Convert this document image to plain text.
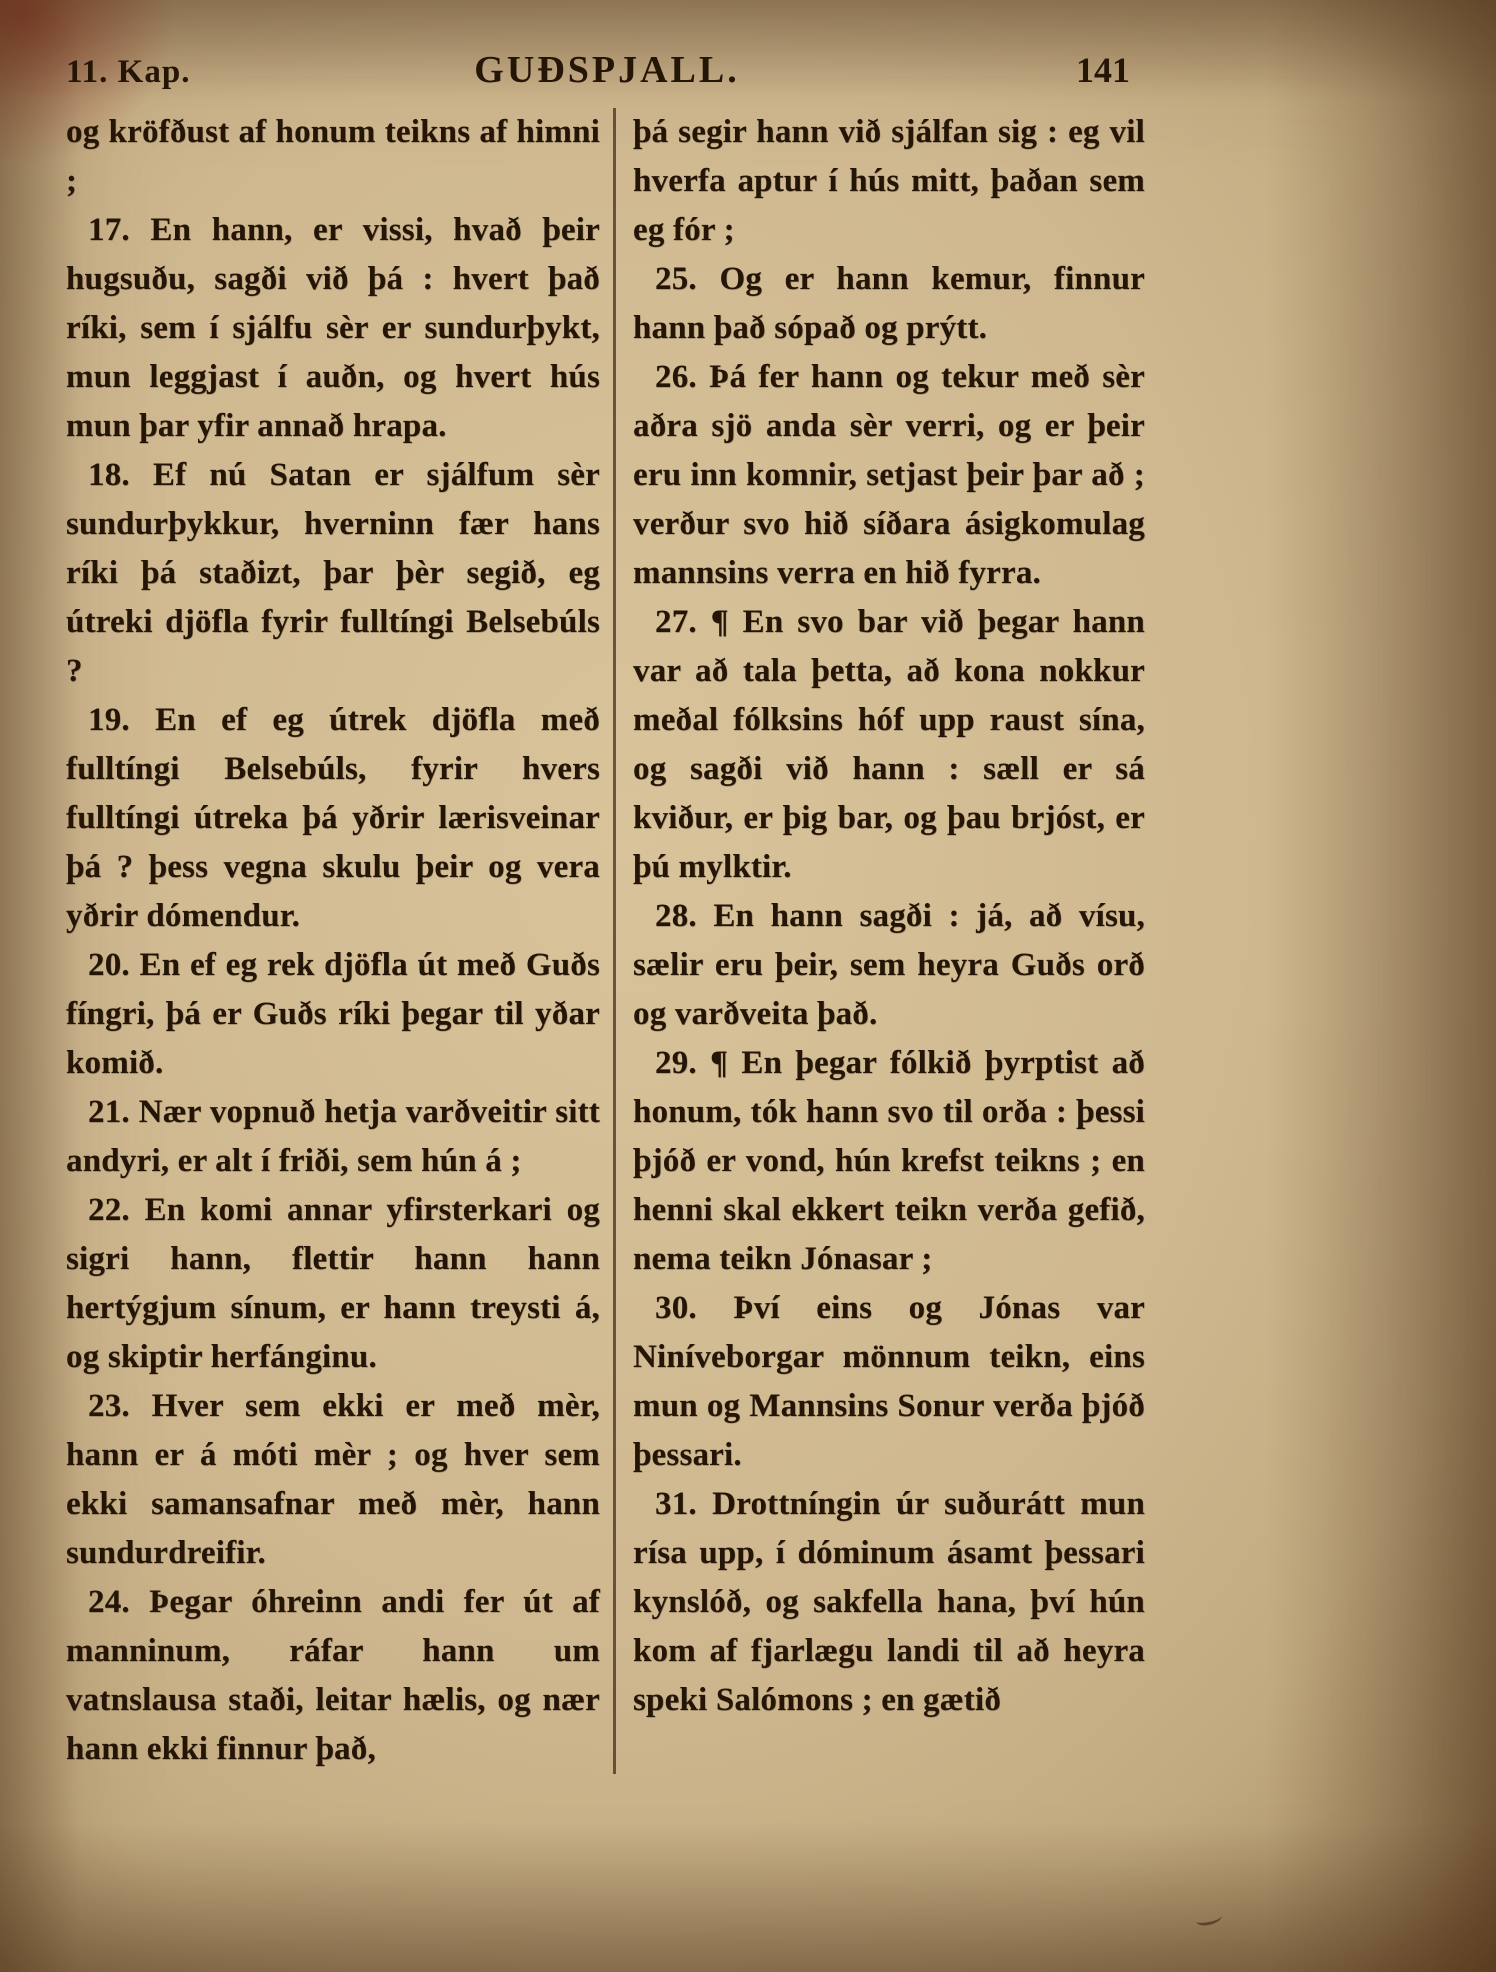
11. Kap.	GUÐSPJALL.	141

og kröfðust af honum teikns af himni ;

17. En hann, er vissi, hvað þeir hugsuðu, sagði við þá : hvert það ríki, sem í sjálfu sèr er sundurþykt, mun leggjast í auðn, og hvert hús mun þar yfir annað hrapa.

18. Ef nú Satan er sjálfum sèr sundurþykkur, hverninn fær hans ríki þá staðizt, þar þèr segið, eg útreki djöfla fyrir fulltíngi Belsebúls ?

19. En ef eg útrek djöfla með fulltíngi Belsebúls, fyrir hvers fulltíngi útreka þá yðrir lærisveinar þá ? þess vegna skulu þeir og vera yðrir dómendur.

20. En ef eg rek djöfla út með Guðs fíngri, þá er Guðs ríki þegar til yðar komið.

21. Nær vopnuð hetja varðveitir sitt andyri, er alt í friði, sem hún á ;

22. En komi annar yfirsterkari og sigri hann, flettir hann hann hertýgjum sínum, er hann treysti á, og skiptir herfánginu.

23. Hver sem ekki er með mèr, hann er á móti mèr ; og hver sem ekki samansafnar með mèr, hann sundurdreifir.

24. Þegar óhreinn andi fer út af manninum, ráfar hann um vatnslausa staði, leitar hælis, og nær hann ekki finnur það,

þá segir hann við sjálfan sig : eg vil hverfa aptur í hús mitt, þaðan sem eg fór ;

25. Og er hann kemur, finnur hann það sópað og prýtt.

26. Þá fer hann og tekur með sèr aðra sjö anda sèr verri, og er þeir eru inn komnir, setjast þeir þar að ; verður svo hið síðara ásigkomulag mannsins verra en hið fyrra.

27. ¶ En svo bar við þegar hann var að tala þetta, að kona nokkur meðal fólksins hóf upp raust sína, og sagði við hann : sæll er sá kviður, er þig bar, og þau brjóst, er þú mylktir.

28. En hann sagði : já, að vísu, sælir eru þeir, sem heyra Guðs orð og varðveita það.

29. ¶ En þegar fólkið þyrptist að honum, tók hann svo til orða : þessi þjóð er vond, hún krefst teikns ; en henni skal ekkert teikn verða gefið, nema teikn Jónasar ;

30. Því eins og Jónas var Niníveborgar mönnum teikn, eins mun og Mannsins Sonur verða þjóð þessari.

31. Drottníngin úr suðurátt mun rísa upp, í dóminum ásamt þessari kynslóð, og sakfella hana, því hún kom af fjarlægu landi til að heyra speki Salómons ; en gætið
